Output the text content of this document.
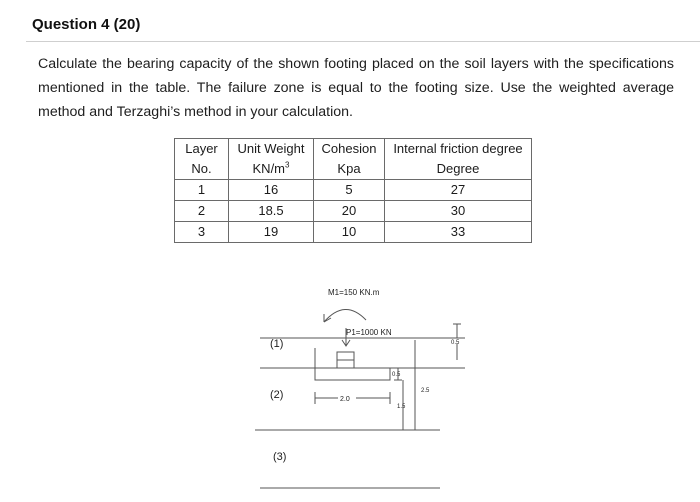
Question 4 (20)
Calculate the bearing capacity of the shown footing placed on the soil layers with the specifications mentioned in the table. The failure zone is equal to the footing size. Use the weighted average method and Terzaghi’s method in your calculation.
Layer	Unit Weight	Cohesion	Internal friction degree
No.	$KN/m^3$	Kpa	Degree
1	16	5	27
2	18.5	20	30
3	19	10	33
M1=150 KN.m
P1=1000 KN
(1)
(2)
(3)
2.0
0.5
0.5
2.5
1.5
